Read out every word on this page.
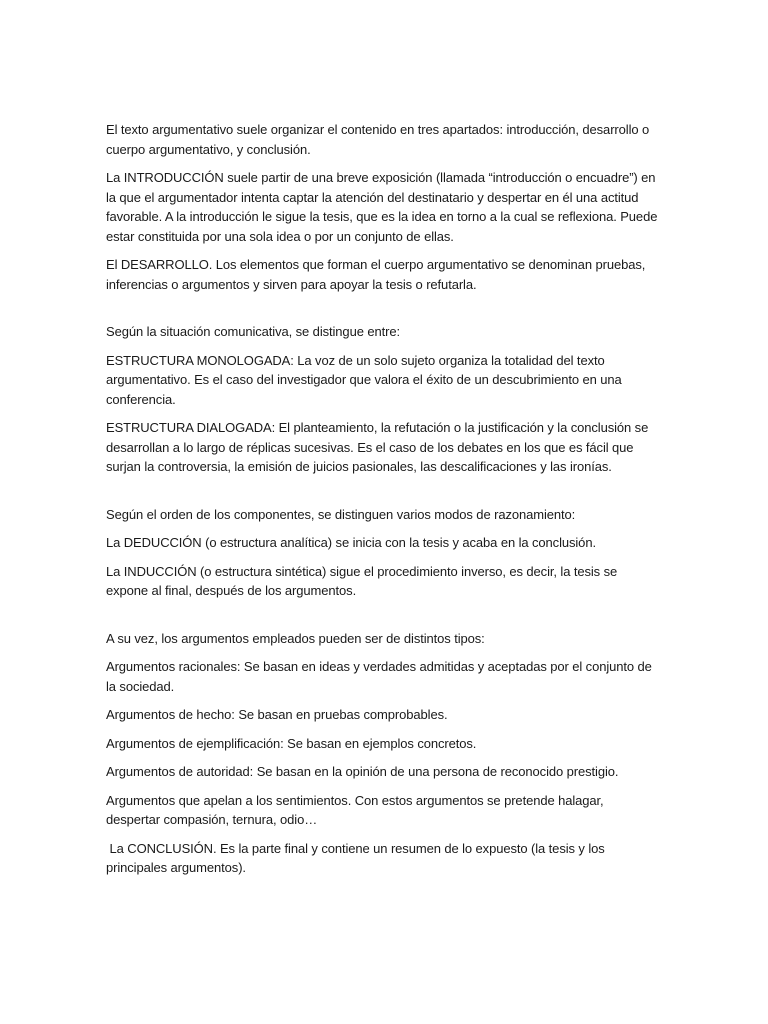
El texto argumentativo suele organizar el contenido en tres apartados: introducción, desarrollo o cuerpo argumentativo, y conclusión.

La INTRODUCCIÓN suele partir de una breve exposición (llamada “introducción o encuadre”) en la que el argumentador intenta captar la atención del destinatario y despertar en él una actitud favorable. A la introducción le sigue la tesis, que es la idea en torno a la cual se reflexiona. Puede estar constituida por una sola idea o por un conjunto de ellas.

El DESARROLLO. Los elementos que forman el cuerpo argumentativo se denominan pruebas, inferencias o argumentos y sirven para apoyar la tesis o refutarla.

Según la situación comunicativa, se distingue entre:

ESTRUCTURA MONOLOGADA: La voz de un solo sujeto organiza la totalidad del texto argumentativo. Es el caso del investigador que valora el éxito de un descubrimiento en una conferencia.

ESTRUCTURA DIALOGADA: El planteamiento, la refutación o la justificación y la conclusión se desarrollan a lo largo de réplicas sucesivas. Es el caso de los debates en los que es fácil que surjan la controversia, la emisión de juicios pasionales, las descalificaciones y las ironías.

Según el orden de los componentes, se distinguen varios modos de razonamiento:

La DEDUCCIÓN (o estructura analítica) se inicia con la tesis y acaba en la conclusión.

La INDUCCIÓN (o estructura sintética) sigue el procedimiento inverso, es decir, la tesis se expone al final, después de los argumentos.

A su vez, los argumentos empleados pueden ser de distintos tipos:

Argumentos racionales: Se basan en ideas y verdades admitidas y aceptadas por el conjunto de la sociedad.

Argumentos de hecho: Se basan en pruebas comprobables.

Argumentos de ejemplificación: Se basan en ejemplos concretos.

Argumentos de autoridad: Se basan en la opinión de una persona de reconocido prestigio.

Argumentos que apelan a los sentimientos. Con estos argumentos se pretende halagar, despertar compasión, ternura, odio…

La CONCLUSIÓN. Es la parte final y contiene un resumen de lo expuesto (la tesis y los principales argumentos).
